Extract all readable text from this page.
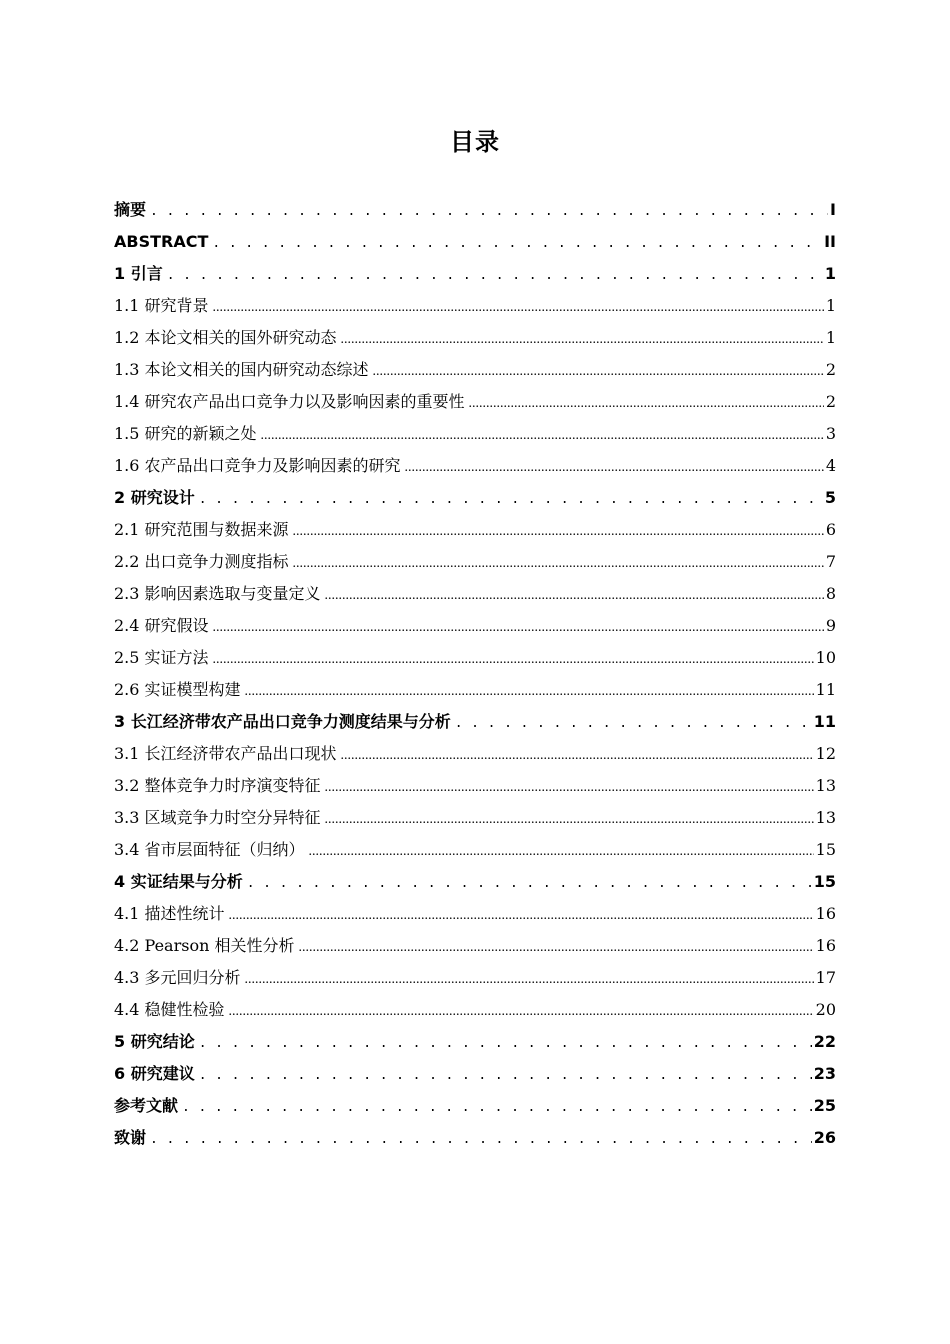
目录
摘要 . . .	I
ABSTRACT . . .	II
1 引言 . . .	1
1.1 研究背景 .....	1
1.2 本论文相关的国外研究动态 .....	1
1.3 本论文相关的国内研究动态综述 .....	2
1.4 研究农产品出口竞争力以及影响因素的重要性 .....	2
1.5 研究的新颖之处 .....	3
1.6 农产品出口竞争力及影响因素的研究 .....	4
2 研究设计 . . .	5
2.1 研究范围与数据来源 .....	6
2.2 出口竞争力测度指标 .....	7
2.3 影响因素选取与变量定义 .....	8
2.4 研究假设 .....	9
2.5 实证方法 .....	10
2.6 实证模型构建 .....	11
3 长江经济带农产品出口竞争力测度结果与分析 . . .	11
3.1 长江经济带农产品出口现状 .....	12
3.2 整体竞争力时序演变特征 .....	13
3.3 区域竞争力时空分异特征 .....	13
3.4 省市层面特征（归纳） .....	15
4 实证结果与分析 . . .	15
4.1 描述性统计 .....	16
4.2 Pearson 相关性分析 .....	16
4.3 多元回归分析 .....	17
4.4 稳健性检验 .....	20
5 研究结论 . . .	22
6 研究建议 . . .	23
参考文献 . . .	25
致谢 . . .	26
